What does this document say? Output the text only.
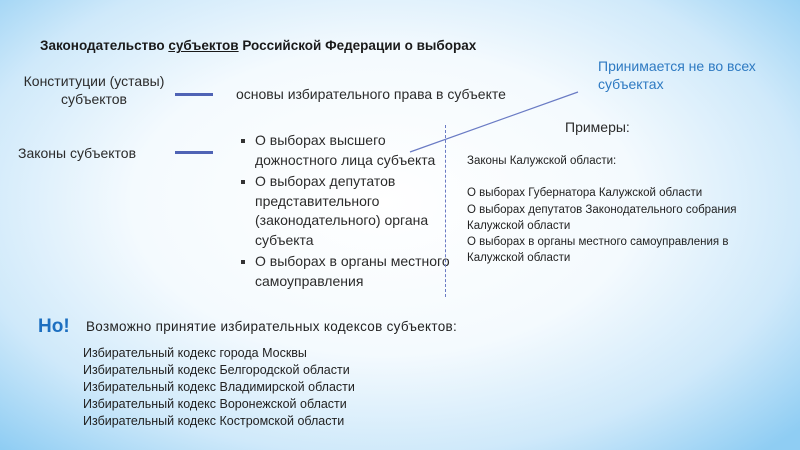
Законодательство субъектов Российской Федерации о выборах
Конституции (уставы) субъектов	основы избирательного права в субъекте
Законы субъектов
О выборах высшего дожностного лица субъекта
О выборах депутатов представительного (законодательного) органа субъекта
О выборах в органы местного самоуправления
Принимается не во всех субъектах
Примеры:
Законы Калужской области:
О выборах Губернатора Калужской области
О выборах депутатов Законодательного собрания Калужской области
О выборах в органы местного самоуправления в Калужской области
Но! Возможно принятие избирательных кодексов субъектов:
Избирательный кодекс города Москвы
Избирательный кодекс Белгородской области
Избирательный кодекс Владимирской области
Избирательный кодекс Воронежской области
Избирательный кодекс Костромской области
